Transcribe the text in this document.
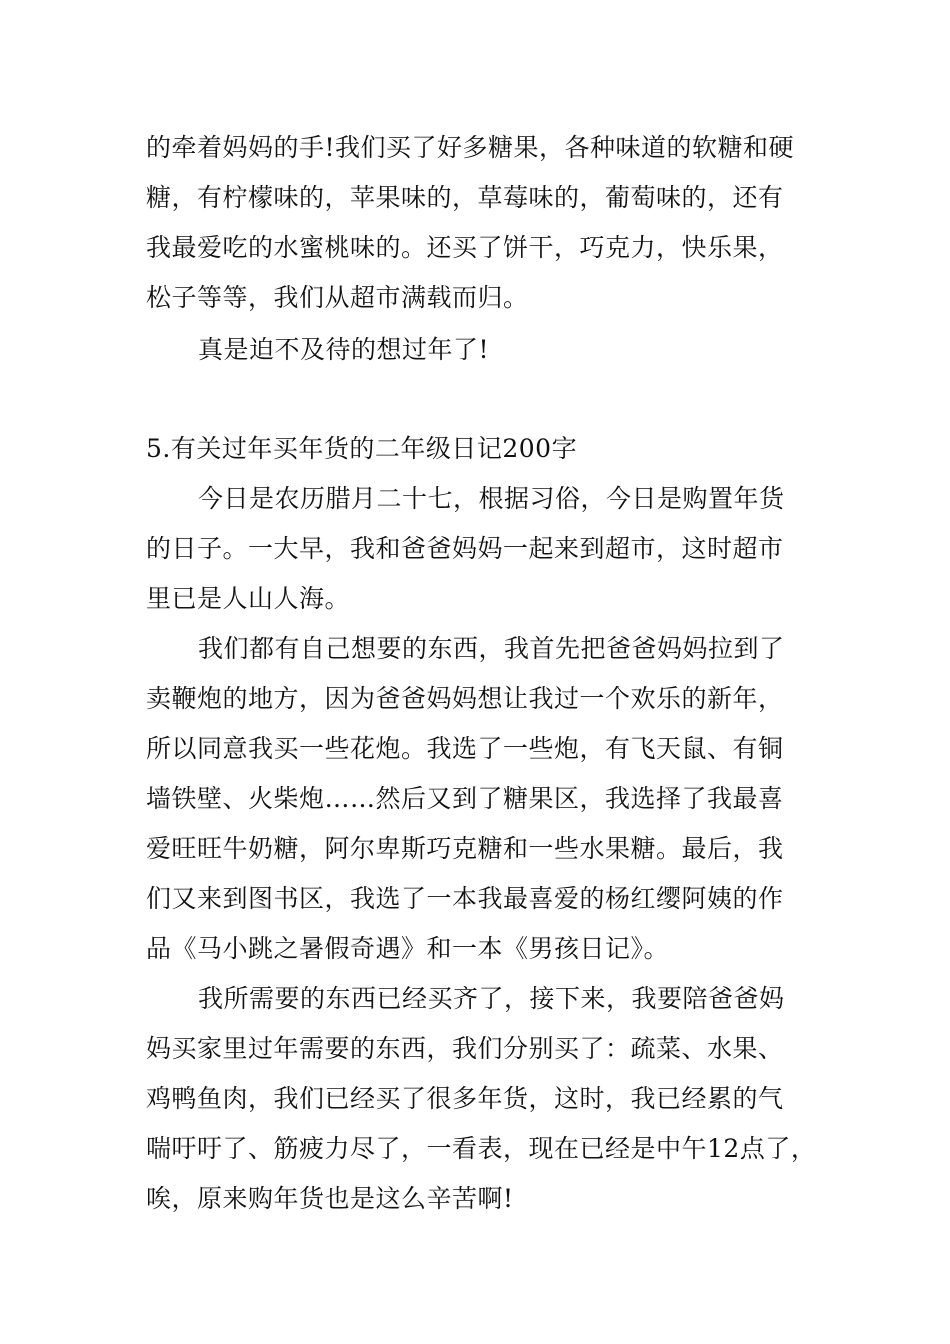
的牵着妈妈的手!我们买了好多糖果，各种味道的软糖和硬
糖，有柠檬味的，苹果味的，草莓味的，葡萄味的，还有
我最爱吃的水蜜桃味的。还买了饼干，巧克力，快乐果，
松子等等，我们从超市满载而归。
真是迫不及待的想过年了!
5.有关过年买年货的二年级日记200字
今日是农历腊月二十七，根据习俗，今日是购置年货
的日子。一大早，我和爸爸妈妈一起来到超市，这时超市
里已是人山人海。
我们都有自己想要的东西，我首先把爸爸妈妈拉到了
卖鞭炮的地方，因为爸爸妈妈想让我过一个欢乐的新年，
所以同意我买一些花炮。我选了一些炮，有飞天鼠、有铜
墙铁壁、火柴炮……然后又到了糖果区，我选择了我最喜
爱旺旺牛奶糖，阿尔卑斯巧克糖和一些水果糖。最后，我
们又来到图书区，我选了一本我最喜爱的杨红缨阿姨的作
品《马小跳之暑假奇遇》和一本《男孩日记》。
我所需要的东西已经买齐了，接下来，我要陪爸爸妈
妈买家里过年需要的东西，我们分别买了：疏菜、水果、
鸡鸭鱼肉，我们已经买了很多年货，这时，我已经累的气
喘吁吁了、筋疲力尽了，一看表，现在已经是中午12点了，
唉，原来购年货也是这么辛苦啊!
